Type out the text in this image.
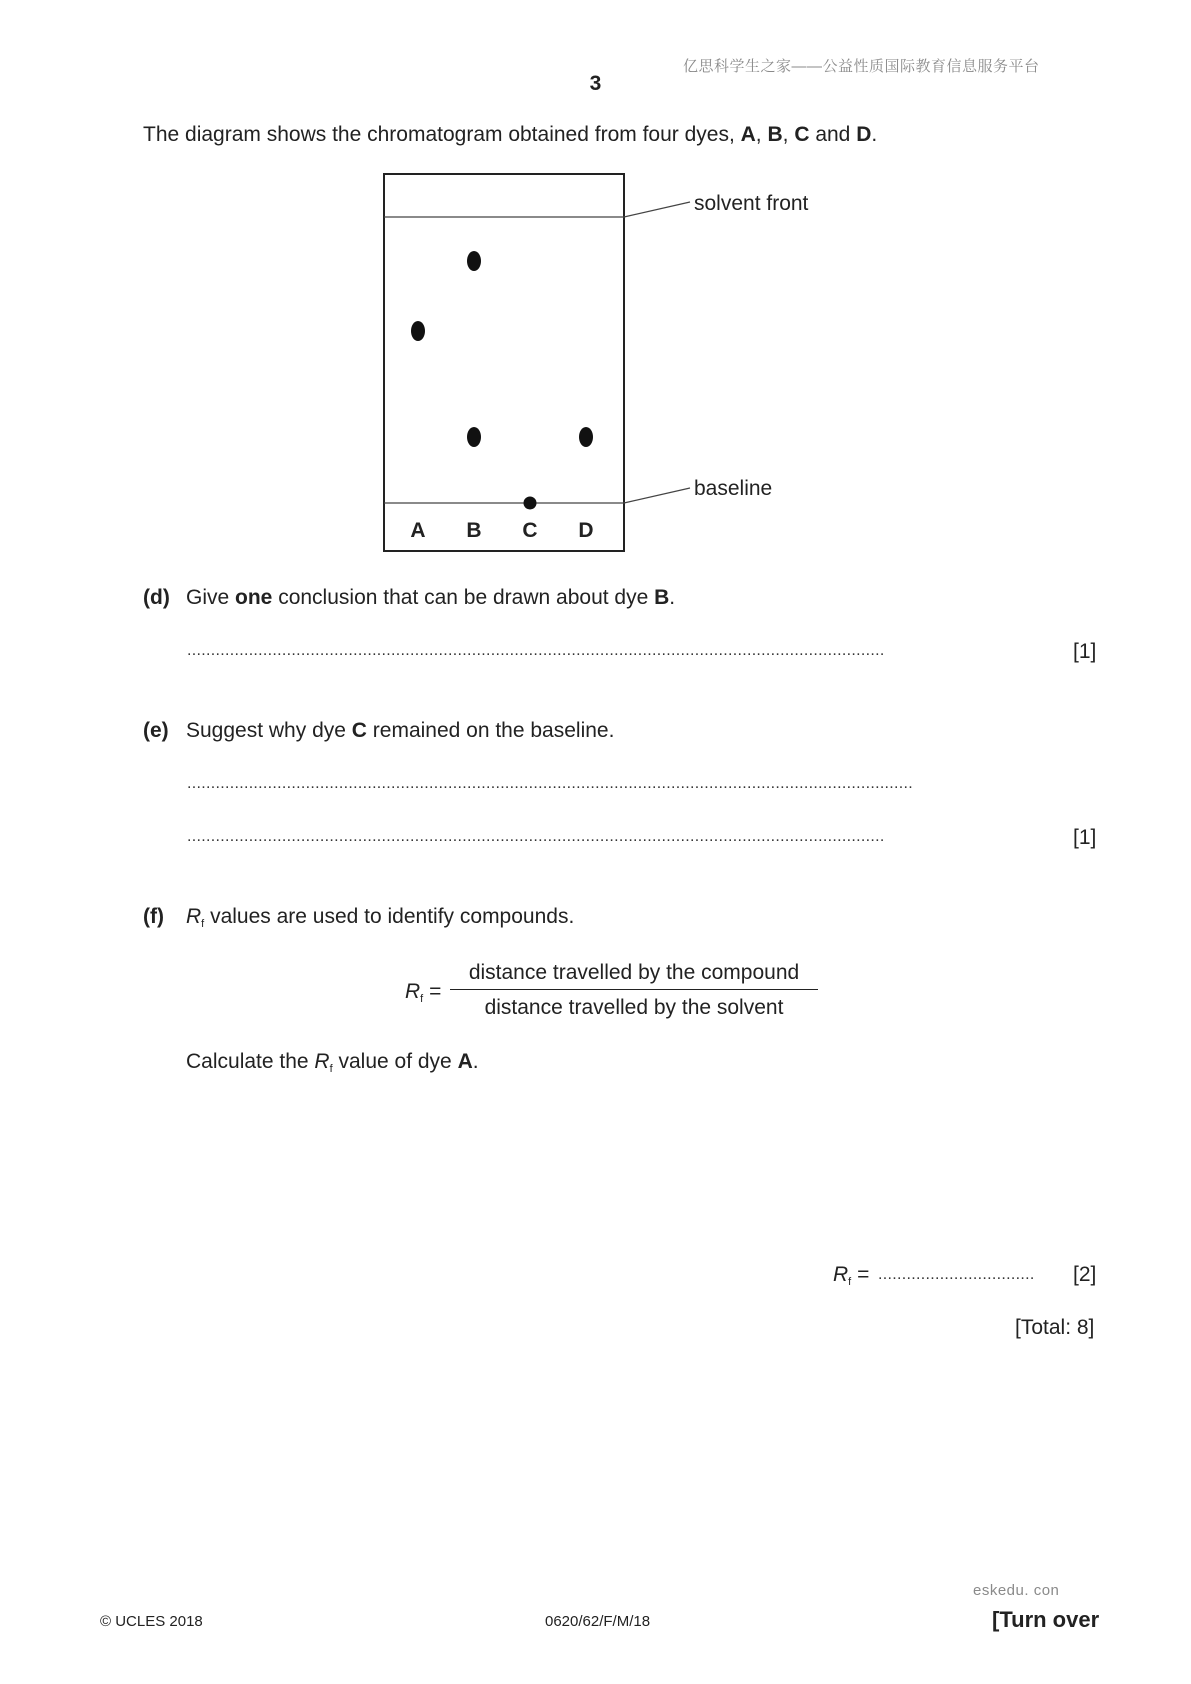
亿思科学生之家——公益性质国际教育信息服务平台
3
The diagram shows the chromatogram obtained from four dyes, A, B, C and D.
A B C D
solvent front
baseline
(d) Give one conclusion that can be drawn about dye B.
...................................................................................................................................................	[1]
(e) Suggest why dye C remained on the baseline.
.........................................................................................................................................................
...................................................................................................................................................	[1]
(f) $R_f$ values are used to identify compounds.
$R_f$ =
distance travelled by the compound
distance travelled by the solvent
Calculate the $R_f$ value of dye A.
$R_f$ = .................................	[2]
[Total: 8]
eskedu. con
© UCLES 2018	0620/62/F/M/18	[Turn over
